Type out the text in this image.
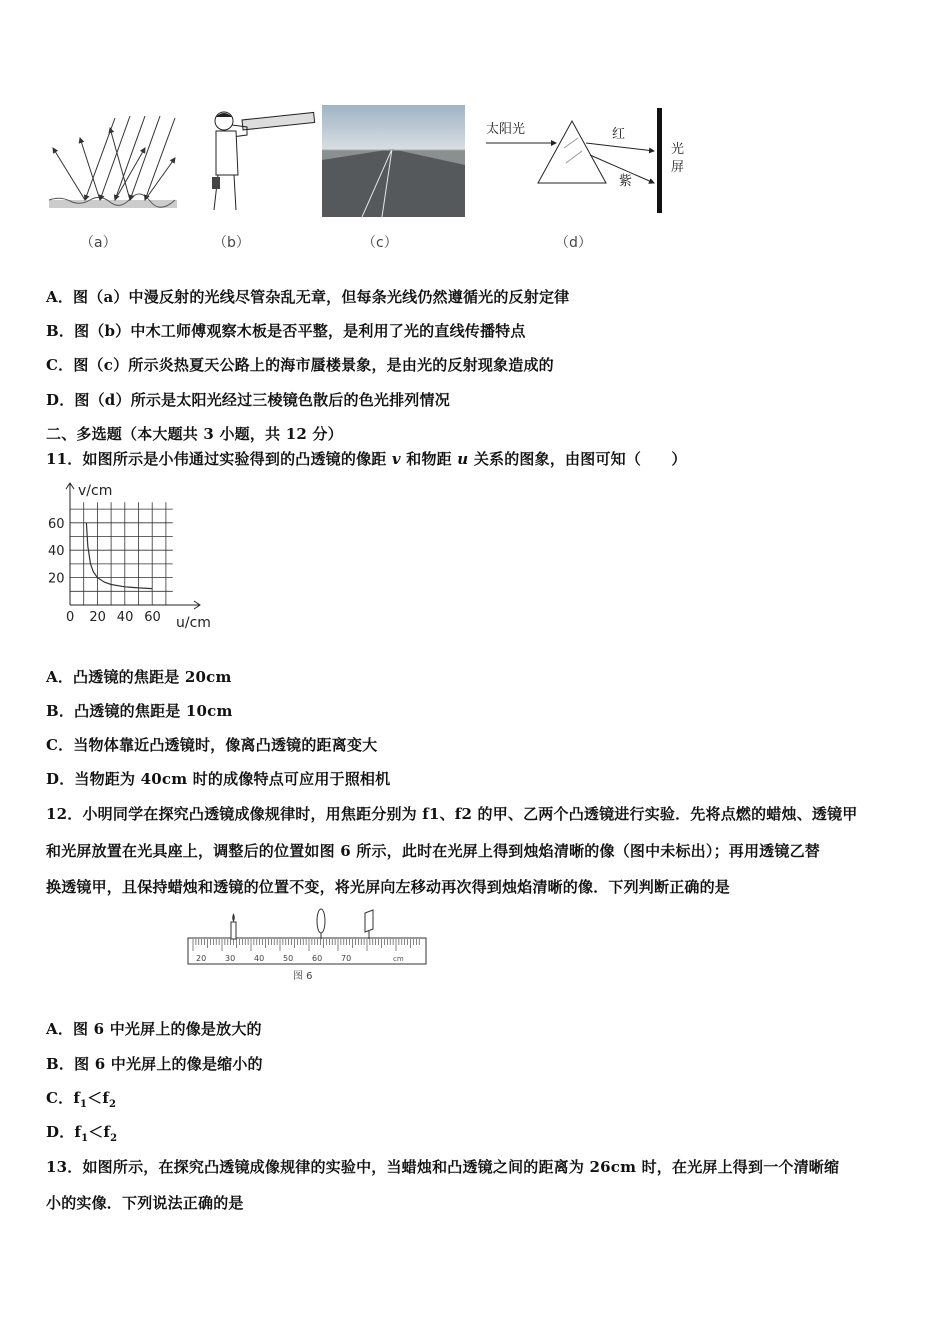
太阳光	红
紫
光
屏
（a）	（b）	（c）	（d）
A．图（a）中漫反射的光线尽管杂乱无章，但每条光线仍然遵循光的反射定律
B．图（b）中木工师傅观察木板是否平整，是利用了光的直线传播特点
C．图（c）所示炎热夏天公路上的海市蜃楼景象，是由光的反射现象造成的
D．图（d）所示是太阳光经过三棱镜色散后的色光排列情况
二、多选题（本大题共 3 小题，共 12 分）
11．如图所示是小伟通过实验得到的凸透镜的像距 v 和物距 u 关系的图象，由图可知（　　）
0 20 40 60
20
40
60
v/cm
u/cm
A．凸透镜的焦距是 20cm
B．凸透镜的焦距是 10cm
C．当物体靠近凸透镜时，像离凸透镜的距离变大
D．当物距为 40cm 时的成像特点可应用于照相机
12．小明同学在探究凸透镜成像规律时，用焦距分别为 f1、f2 的甲、乙两个凸透镜进行实验．先将点燃的蜡烛、透镜甲
和光屏放置在光具座上，调整后的位置如图 6 所示，此时在光屏上得到烛焰清晰的像（图中未标出）；再用透镜乙替
换透镜甲，且保持蜡烛和透镜的位置不变，将光屏向左移动再次得到烛焰清晰的像．下列判断正确的是
20 30 40 50 60 70	cm
图 6
A．图 6 中光屏上的像是放大的
B．图 6 中光屏上的像是缩小的
C．$f_1<f_2$
D．$f_1<f_2$
13．如图所示，在探究凸透镜成像规律的实验中，当蜡烛和凸透镜之间的距离为 26cm 时，在光屏上得到一个清晰缩
小的实像．下列说法正确的是
